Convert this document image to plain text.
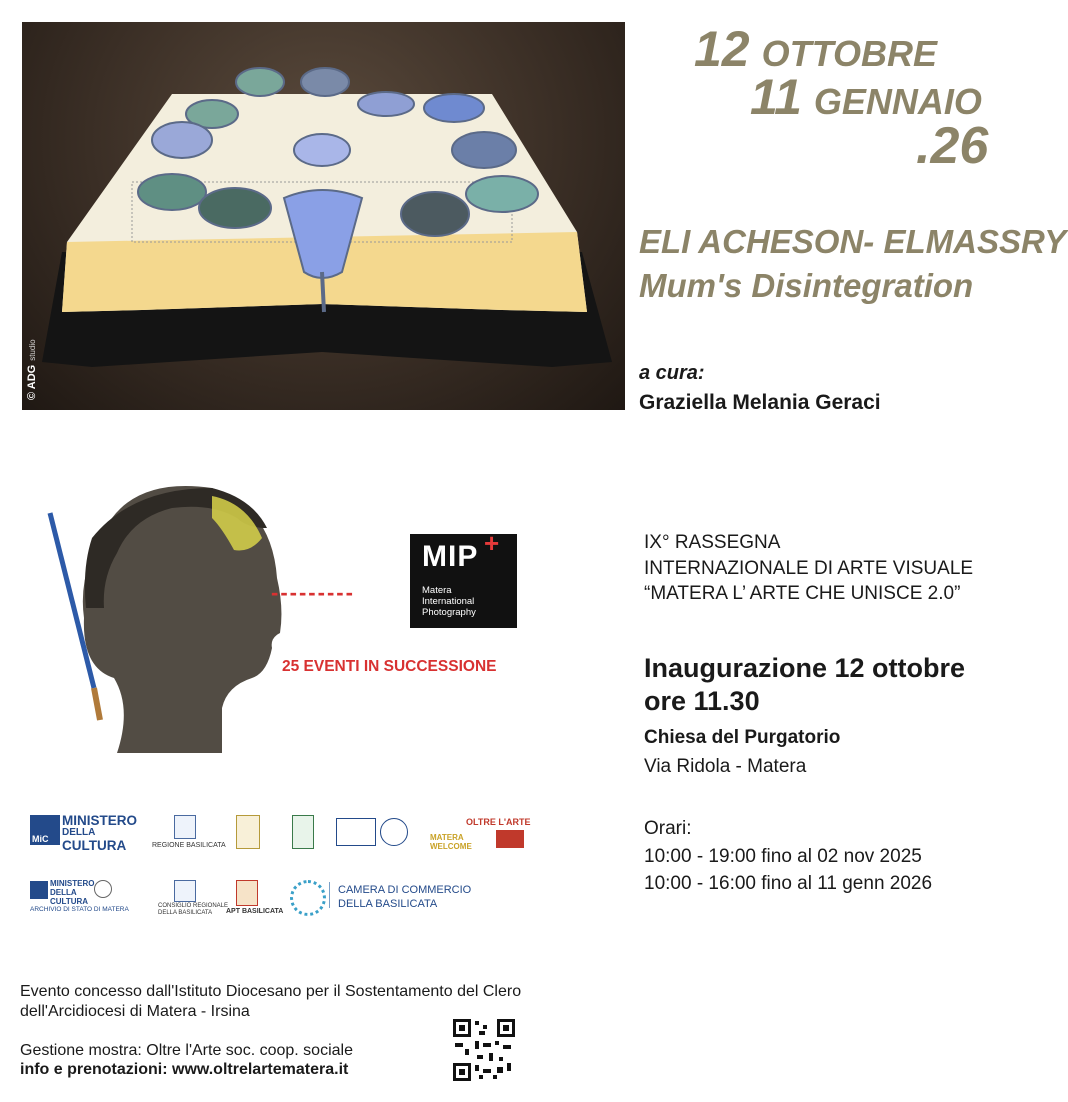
© ADGstudio
12 OTTOBRE
11 GENNAIO
.26
ELI ACHESON- ELMASSRY
Mum's Disintegration
a cura:
Graziella Melania Geraci
---------
MIP +
Matera
International
Photography
25 EVENTI IN SUCCESSIONE
IX° RASSEGNA
INTERNAZIONALE DI ARTE VISUALE
“MATERA L’ ARTE CHE UNISCE 2.0”
Inaugurazione 12 ottobre
ore 11.30
Chiesa del Purgatorio
Via Ridola - Matera
Orari:
10:00 - 19:00 fino al 02 nov 2025
10:00 - 16:00 fino al 11 genn 2026
MiC
MINISTERO
DELLA
CULTURA	REGIONE BASILICATA
MATERA
WELCOME
OLTRE L'ARTE
MINISTERO
DELLA
CULTURA
ARCHIVIO DI STATO DI MATERA	CONSIGLIO REGIONALE
DELLA BASILICATA	APT BASILICATA
CAMERA DI COMMERCIO
DELLA BASILICATA
Evento concesso dall'Istituto Diocesano per il Sostentamento del Clero dell'Arcidiocesi di Matera - Irsina
Gestione mostra: Oltre l'Arte soc. coop. sociale
info e prenotazioni: www.oltrelartematera.it
